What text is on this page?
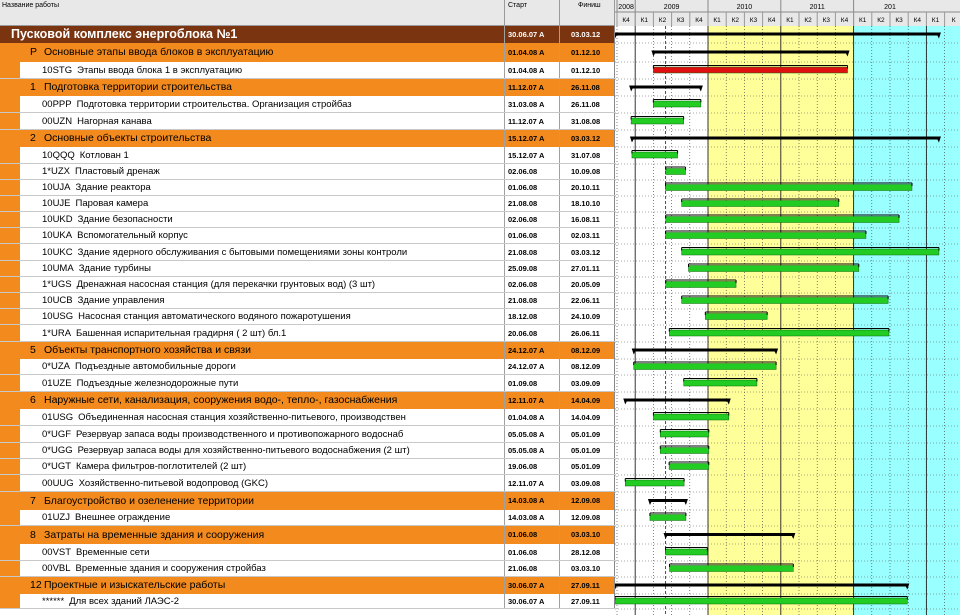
Название работы	Старт	Финиш	2008	2009	2010	2011	201
К4 К1 К2 К3 К4 К1 К2 К3 К4 К1 К2 К3 К4 К1 К2 К3 К4 К1 К
Пусковой комплекс энергоблока №1	30.06.07 A	03.03.12
P Основные этапы ввода блоков в эксплуатацию	01.04.08 A	01.12.10
10STG Этапы ввода блока 1 в эксплуатацию	01.04.08 A	01.12.10
1 Подготовка территории строительства	11.12.07 A	26.11.08
00PPP Подготовка территории строительства. Организация стройбаз	31.03.08 A	26.11.08
00UZN Нагорная канава	11.12.07 A	31.08.08
2 Основные объекты строительства	15.12.07 A	03.03.12
10QQQ Котлован 1	15.12.07 A	31.07.08
1*UZX Пластовый дренаж	02.06.08	10.09.08
10UJA Здание реактора	01.06.08	20.10.11
10UJE Паровая камера	21.08.08	18.10.10
10UKD Здание безопасности	02.06.08	16.08.11
10UKA Вспомогательный корпус	01.06.08	02.03.11
10UKC Здание ядерного обслуживания с бытовыми помещениями зоны контроли	21.08.08	03.03.12
10UMA Здание турбины	25.09.08	27.01.11
1*UGS Дренажная насосная станция (для перекачки грунтовых вод) (3 шт)	02.06.08	20.05.09
10UCB Здание управления	21.08.08	22.06.11
10USG Насосная станция автоматического водяного пожаротушения	18.12.08	24.10.09
1*URA Башенная испарительная градирня ( 2 шт) бл.1	20.06.08	26.06.11
5 Объекты транспортного хозяйства и связи	24.12.07 A	08.12.09
0*UZA Подъездные автомобильные дороги	24.12.07 A	08.12.09
01UZE Подъездные железнодорожные пути	01.09.08	03.09.09
6 Наружные сети, канализация, сооружения водо-, тепло-, газоснабжения	12.11.07 A	14.04.09
01USG Объединенная насосная станция хозяйственно-питьевого, производствен	01.04.08 A	14.04.09
0*UGF Резервуар запаса воды производственного и противопожарного водоснаб	05.05.08 A	05.01.09
0*UGG Резервуар запаса воды для хозяйственно-питьевого водоснабжения (2 шт)	05.05.08 A	05.01.09
0*UGT Камера фильтров-поглотителей (2 шт)	19.06.08	05.01.09
00UUG Хозяйственно-питьевой водопровод (GKC)	12.11.07 A	03.09.08
7 Благоустройство и озеленение территории	14.03.08 A	12.09.08
01UZJ Внешнее ограждение	14.03.08 A	12.09.08
8 Затраты на временные здания и сооружения	01.06.08	03.03.10
00VST Временные сети	01.06.08	28.12.08
00VBL Временные здания и сооружения стройбаз	21.06.08	03.03.10
12 Проектные и изыскательские работы	30.06.07 A	27.09.11
****** Для всех зданий ЛАЭС-2	30.06.07 A	27.09.11
